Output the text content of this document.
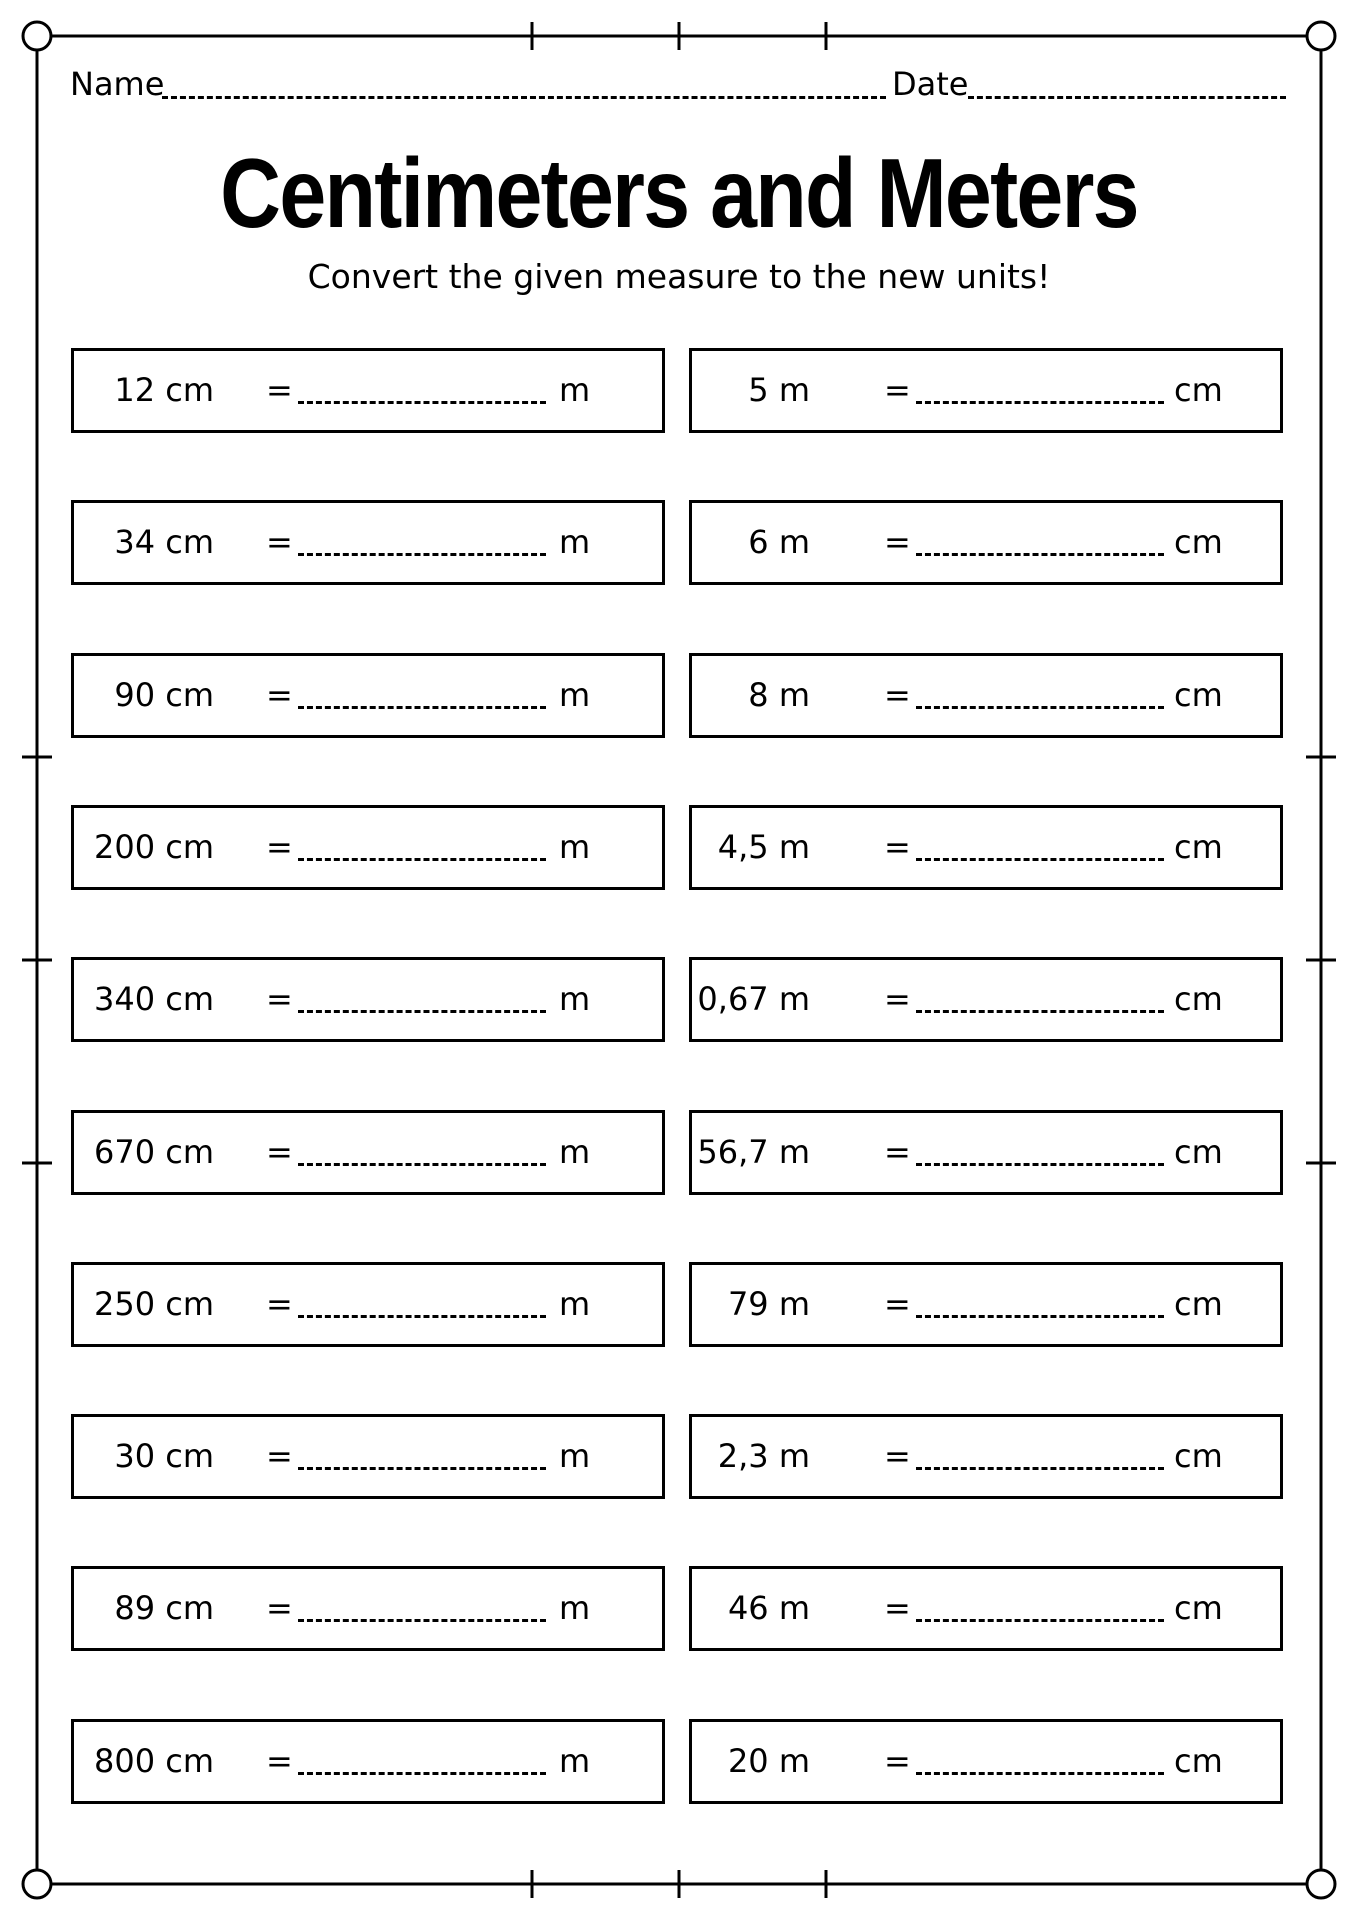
Name	Date
Centimeters and Meters
Convert the given measure to the new units!
12 cm =	m
34 cm =	m
90 cm =	m
200 cm =	m
340 cm =	m
670 cm =	m
250 cm =	m
30 cm =	m
89 cm =	m
800 cm =	m
5 m =	cm
6 m =	cm
8 m =	cm
4,5 m =	cm
0,67 m =	cm
56,7 m =	cm
79 m =	cm
2,3 m =	cm
46 m =	cm
20 m =	cm
